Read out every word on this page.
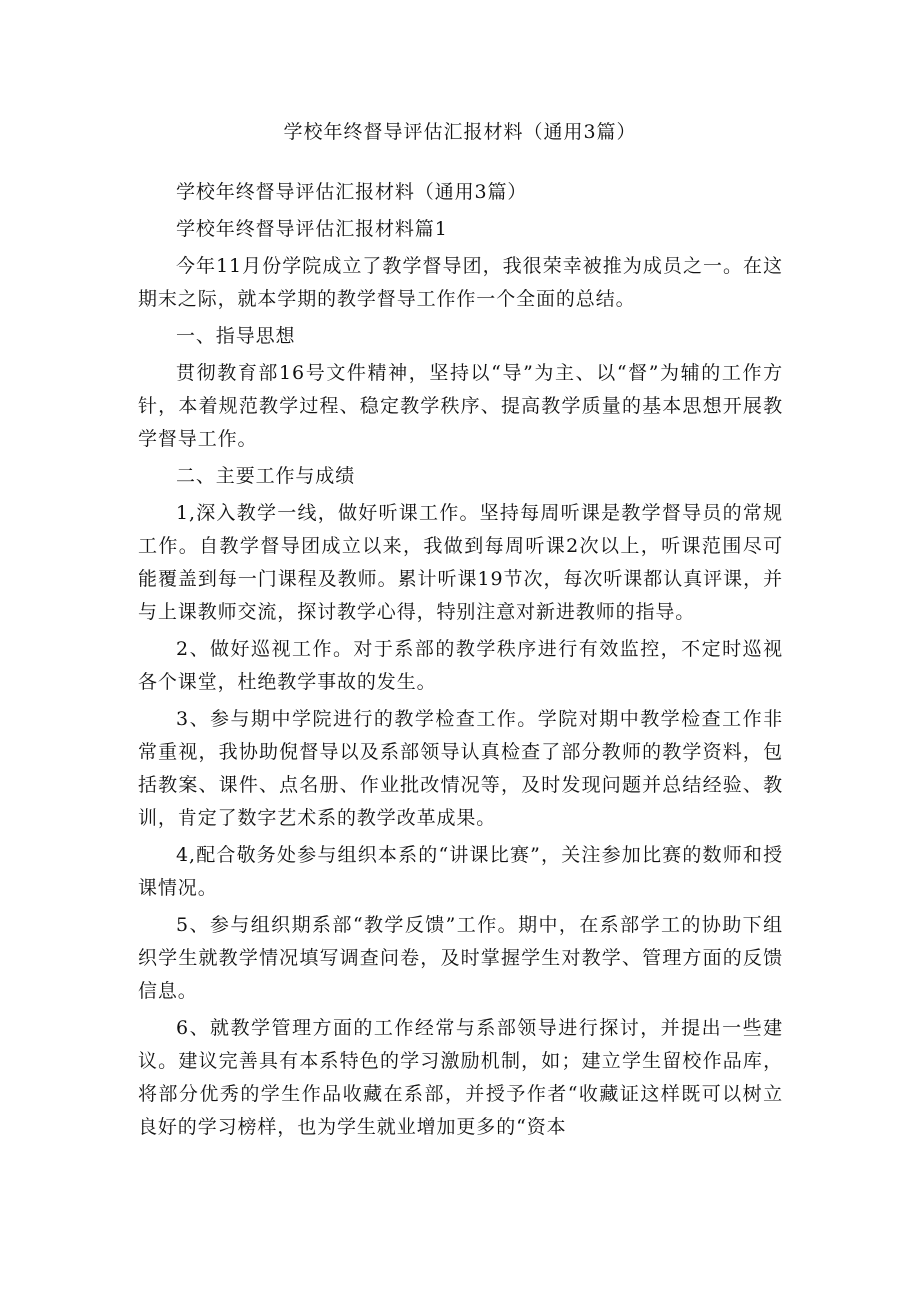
学校年终督导评估汇报材料（通用3篇）

学校年终督导评估汇报材料（通用3篇）

学校年终督导评估汇报材料篇1

今年11月份学院成立了教学督导团，我很荣幸被推为成员之一。在这期末之际，就本学期的教学督导工作作一个全面的总结。

一、指导思想

贯彻教育部16号文件精神，坚持以“导”为主、以“督”为辅的工作方针，本着规范教学过程、稳定教学秩序、提高教学质量的基本思想开展教学督导工作。

二、主要工作与成绩

1,深入教学一线，做好听课工作。坚持每周听课是教学督导员的常规工作。自教学督导团成立以来，我做到每周听课2次以上，听课范围尽可能覆盖到每一门课程及教师。累计听课19节次，每次听课都认真评课，并与上课教师交流，探讨教学心得，特别注意对新进教师的指导。

2、做好巡视工作。对于系部的教学秩序进行有效监控，不定时巡视各个课堂，杜绝教学事故的发生。

3、参与期中学院进行的教学检查工作。学院对期中教学检查工作非常重视，我协助倪督导以及系部领导认真检查了部分教师的教学资料，包括教案、课件、点名册、作业批改情况等，及时发现问题并总结经验、教训，肯定了数字艺术系的教学改革成果。

4,配合敬务处参与组织本系的“讲课比赛”，关注参加比赛的数师和授课情况。

5、参与组织期系部“教学反馈”工作。期中，在系部学工的协助下组织学生就教学情况填写调查问卷，及时掌握学生对教学、管理方面的反馈信息。

6、就教学管理方面的工作经常与系部领导进行探讨，并提出一些建议。建议完善具有本系特色的学习激励机制，如；建立学生留校作品库，将部分优秀的学生作品收藏在系部，并授予作者“收藏证这样既可以树立良好的学习榜样，也为学生就业增加更多的“资本
